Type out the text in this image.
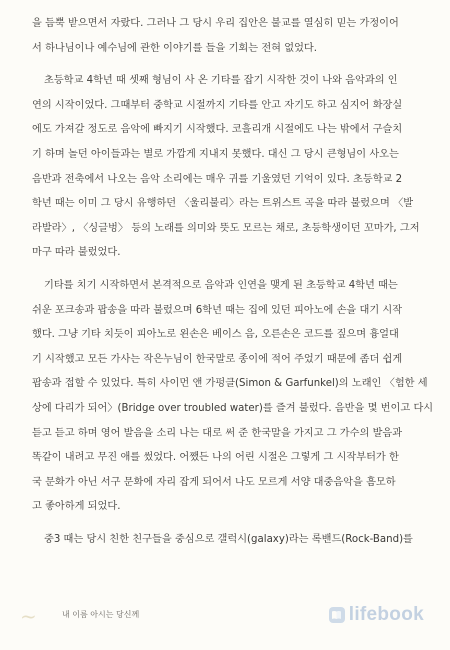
을 듬뿍 받으면서 자랐다. 그러나 그 당시 우리 집안은 불교를 열심히 믿는 가정이어
서 하나님이나 예수님에 관한 이야기를 들을 기회는 전혀 없었다.
초등학교 4학년 때 셋째 형님이 사 온 기타를 잡기 시작한 것이 나와 음악과의 인
연의 시작이었다. 그때부터 중학교 시절까지 기타를 안고 자기도 하고 심지어 화장실
에도 가져갈 정도로 음악에 빠지기 시작했다. 코흘리개 시절에도 나는 밖에서 구슬치
기 하며 놀던 아이들과는 별로 가깝게 지내지 못했다. 대신 그 당시 큰형님이 사오는
음반과 전축에서 나오는 음악 소리에는 매우 귀를 기울였던 기억이 있다. 초등학교 2
학년 때는 이미 그 당시 유행하던 〈울리불리〉라는 트위스트 곡을 따라 불렀으며 〈발
라발라〉, 〈싱글벙〉 등의 노래를 의미와 뜻도 모르는 채로, 초등학생이던 꼬마가, 그저
마구 따라 불렀었다.
기타를 치기 시작하면서 본격적으로 음악과 인연을 맺게 된 초등학교 4학년 때는
쉬운 포크송과 팝송을 따라 불렀으며 6학년 때는 집에 있던 피아노에 손을 대기 시작
했다. 그냥 기타 치듯이 피아노로 왼손은 베이스 음, 오른손은 코드를 짚으며 흉얼대
기 시작했고 모든 가사는 작은누님이 한국말로 종이에 적어 주었기 때문에 좀더 쉽게
팝송과 접할 수 있었다. 특히 사이먼 앤 가펑클(Simon & Garfunkel)의 노래인 〈험한 세
상에 다리가 되어〉(Bridge over troubled water)를 즐겨 불렀다. 음반을 몇 번이고 다시
듣고 듣고 하며 영어 발음을 소리 나는 대로 써 준 한국말을 가지고 그 가수의 발음과
똑같이 내려고 무진 애를 썼었다. 어쨌든 나의 어린 시절은 그렇게 그 시작부터가 한
국 문화가 아닌 서구 문화에 자리 잡게 되어서 나도 모르게 서양 대중음악을 흠모하
고 좋아하게 되었다.
중3 때는 당시 친한 친구들을 중심으로 갤럭시(galaxy)라는 록밴드(Rock-Band)를
~	내 이름 아시는 당신께	lifebook
